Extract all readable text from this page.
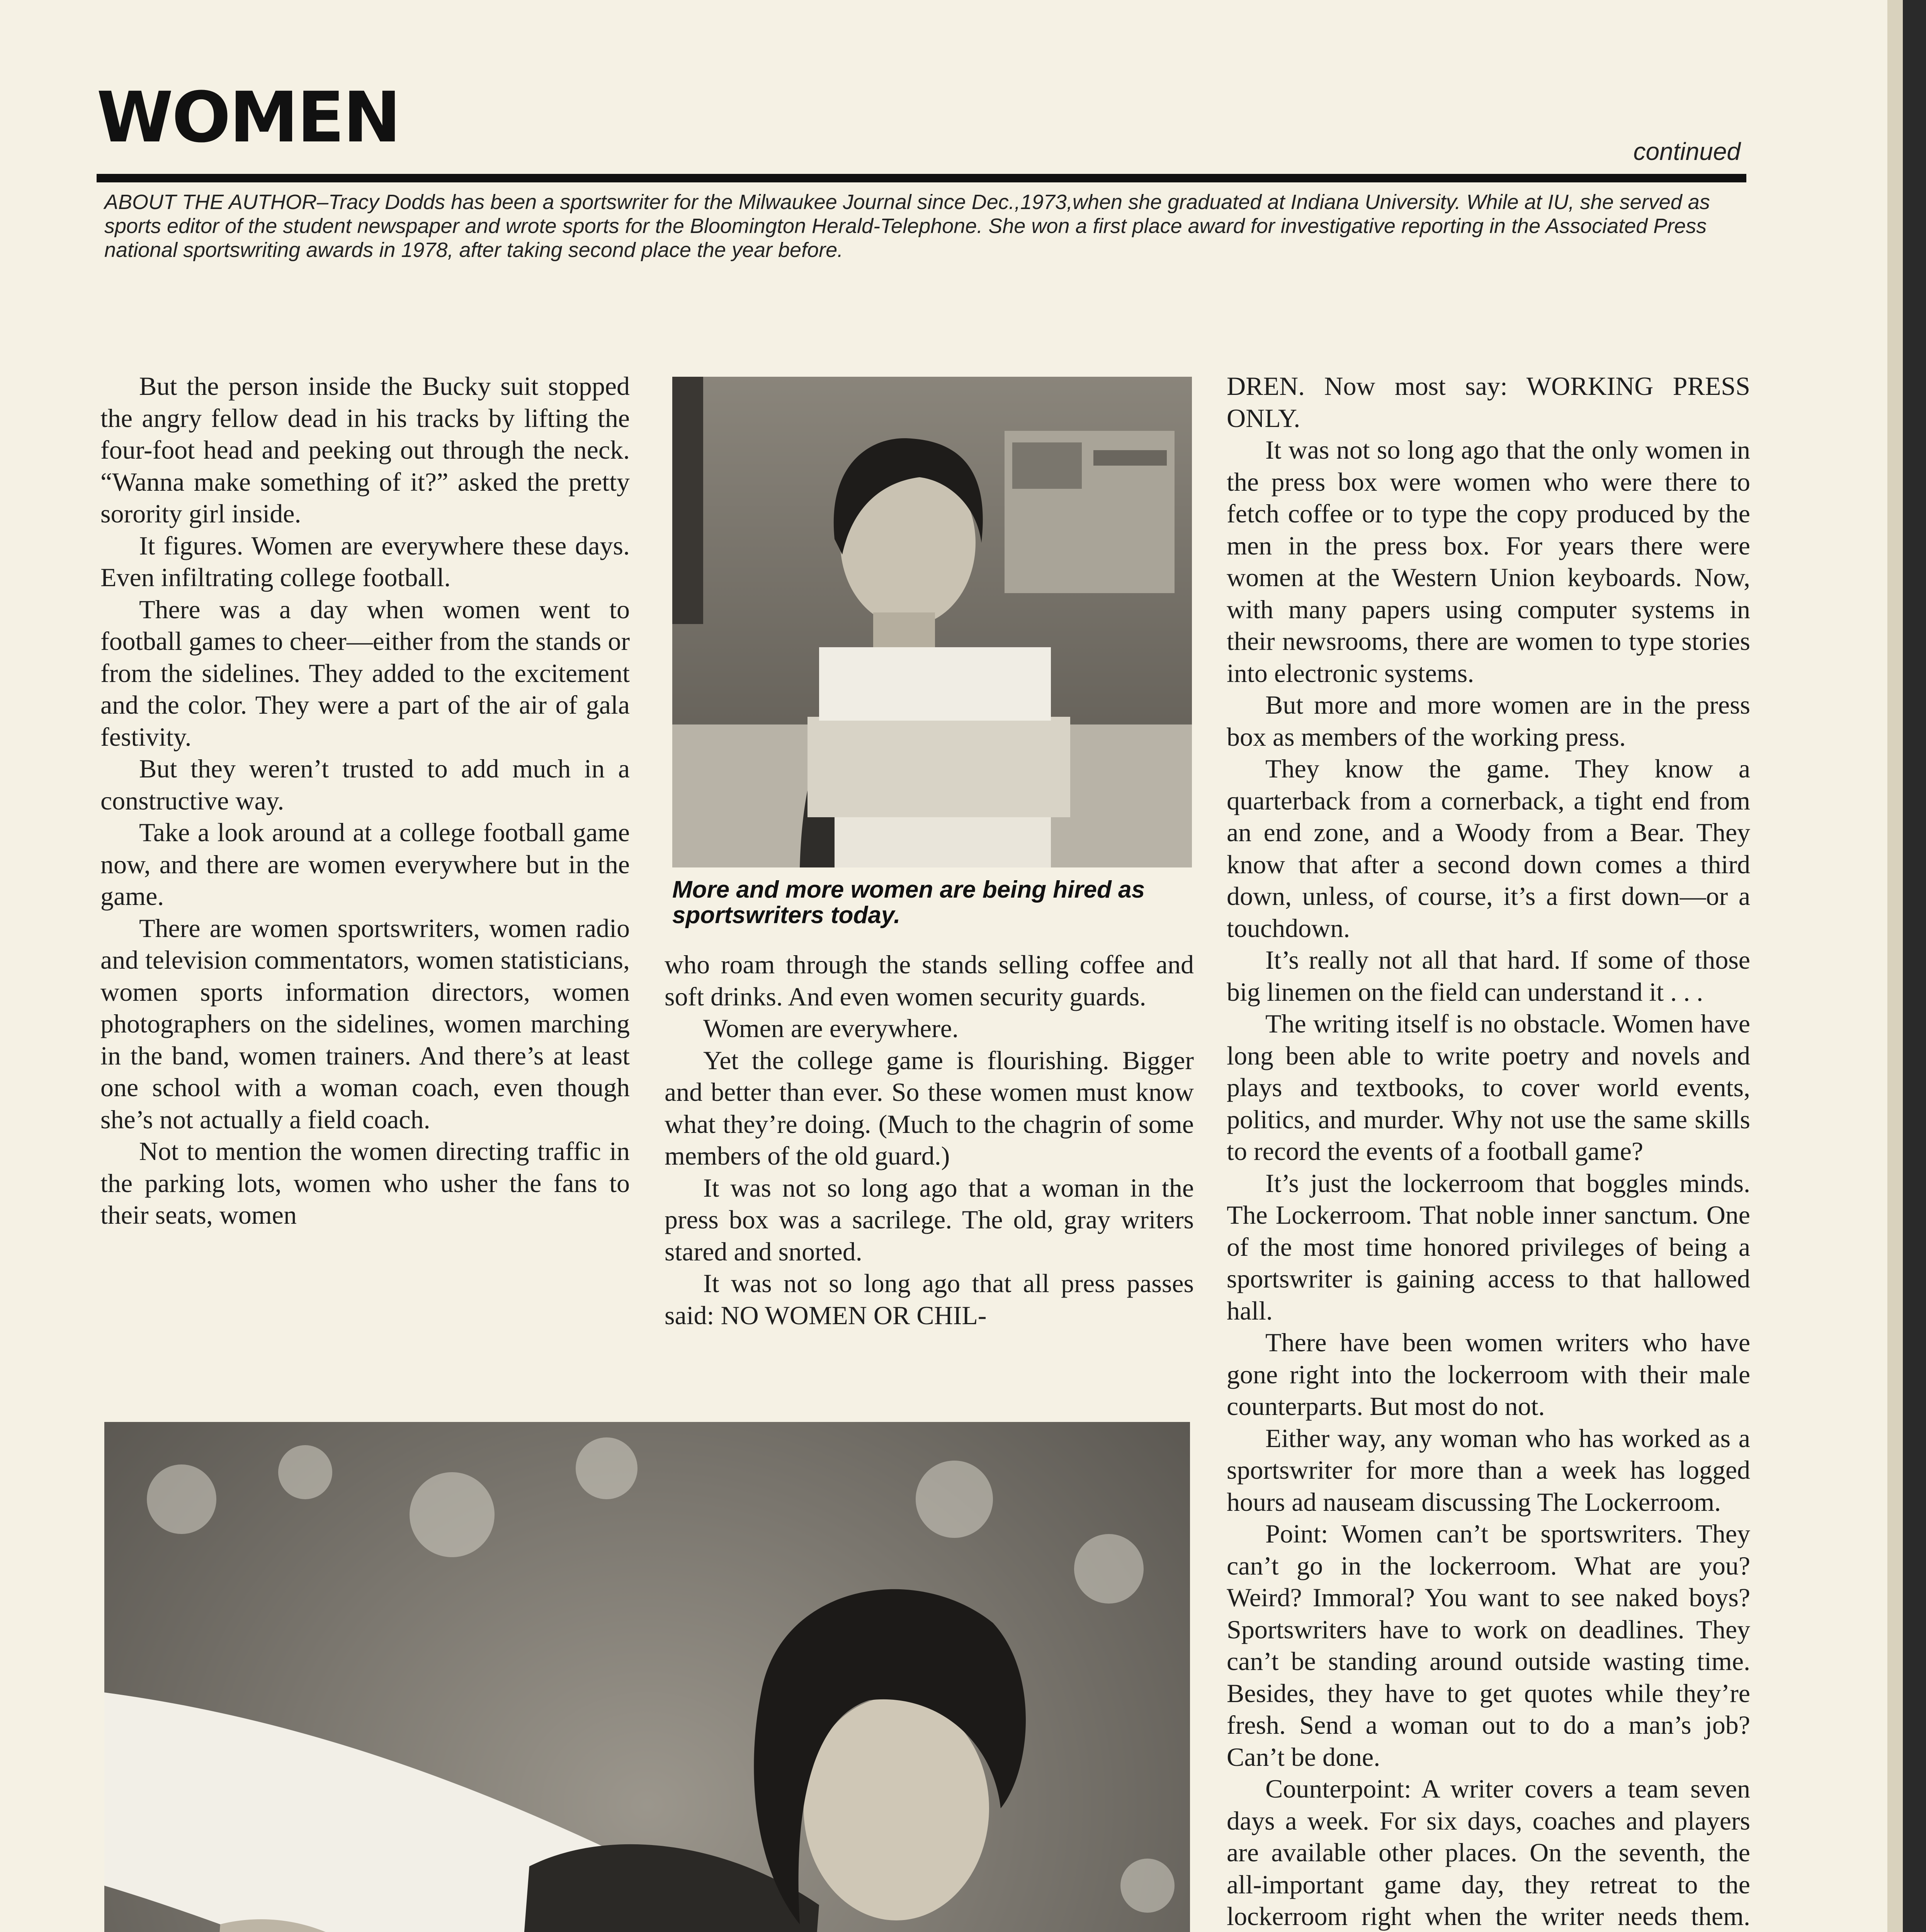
WOMEN	continued
ABOUT THE AUTHOR–Tracy Dodds has been a sportswriter for the Milwaukee Journal since Dec.,1973,when she graduated at Indiana University. While at IU, she served as sports editor of the student newspaper and wrote sports for the Bloomington Herald-Telephone. She won a first place award for investigative reporting in the Associated Press national sportswriting awards in 1978, after taking second place the year before.

But the person inside the Bucky suit stopped the angry fellow dead in his tracks by lifting the four-foot head and peeking out through the neck. “Wanna make something of it?” asked the pretty sorority girl inside.

It figures. Women are everywhere these days. Even infiltrating college football.

There was a day when women went to football games to cheer—either from the stands or from the sidelines. They added to the excitement and the color. They were a part of the air of gala festivity.

But they weren’t trusted to add much in a constructive way.

Take a look around at a college football game now, and there are women everywhere but in the game.

There are women sportswriters, women radio and television commentators, women statisticians, women sports information directors, women photographers on the sidelines, women marching in the band, women trainers. And there’s at least one school with a woman coach, even though she’s not actually a field coach.

Not to mention the women directing traffic in the parking lots, women who usher the fans to their seats, women

More and more women are being hired as sportswriters today.

who roam through the stands selling coffee and soft drinks. And even women security guards.

Women are everywhere.

Yet the college game is flourishing. Bigger and better than ever. So these women must know what they’re doing. (Much to the chagrin of some members of the old guard.)

It was not so long ago that a woman in the press box was a sacrilege. The old, gray writers stared and snorted.

It was not so long ago that all press passes said: NO WOMEN OR CHIL-

DREN. Now most say: WORKING PRESS ONLY.

It was not so long ago that the only women in the press box were women who were there to fetch coffee or to type the copy produced by the men in the press box. For years there were women at the Western Union keyboards. Now, with many papers using computer systems in their newsrooms, there are women to type stories into electronic systems.

But more and more women are in the press box as members of the working press.

They know the game. They know a quarterback from a cornerback, a tight end from an end zone, and a Woody from a Bear. They know that after a second down comes a third down, unless, of course, it’s a first down—or a touchdown.

It’s really not all that hard. If some of those big linemen on the field can understand it . . .

The writing itself is no obstacle. Women have long been able to write poetry and novels and plays and textbooks, to cover world events, politics, and murder. Why not use the same skills to record the events of a football game?

It’s just the lockerroom that boggles minds. The Lockerroom. That noble inner sanctum. One of the most time honored privileges of being a sportswriter is gaining access to that hallowed hall.

There have been women writers who have gone right into the lockerroom with their male counterparts. But most do not.

Either way, any woman who has worked as a sportswriter for more than a week has logged hours ad nauseam discussing The Lockerroom.

Point: Women can’t be sportswriters. They can’t go in the lockerroom. What are you? Weird? Immoral? You want to see naked boys? Sportswriters have to work on deadlines. They can’t be standing around outside wasting time. Besides, they have to get quotes while they’re fresh. Send a woman out to do a man’s job? Can’t be done.

Counterpoint: A writer covers a team seven days a week. For six days, coaches and players are available other places. On the seventh, the all-important game day, they retreat to the lockerroom right when the writer needs them.
